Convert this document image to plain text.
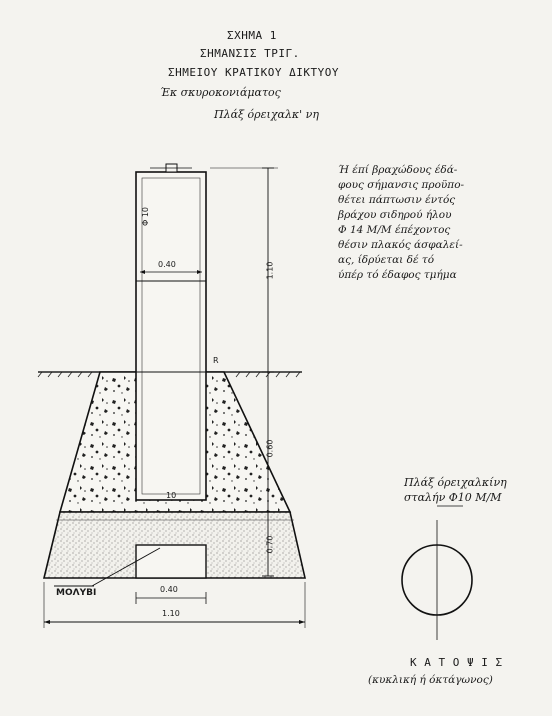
ΣΧΗΜΑ 1
ΣΗΜΑΝΣΙΣ ΤΡΙΓ.
ΣΗΜΕΙΟΥ ΚΡΑΤΙΚΟΥ ΔΙΚΤΥΟΥ
Έκ σκυροκονιάματος
Πλάξ όρειχαλκ' νη
Ή έπί βραχώδους έδά-
φους σήμανσις προϋπο-
θέτει πάπτωσιν έντός
βράχου σιδηρού ήλου
Φ 14 Μ/Μ έπέχοντος
θέσιν πλακός άσφαλεί-
ας, ίδρύεται δέ τό
ύπέρ τό έδαφος τμήμα
Φ 10
0.40	1.10
R
0.60
0.70
10
0.40
1.10
ΜΟΛΥΒΙ
Πλάξ όρειχαλκίνη
σταλήν Φ10 Μ/Μ
Κ Α Τ Ο Ψ Ι Σ
(κυκλική ή όκτάγωνος)
